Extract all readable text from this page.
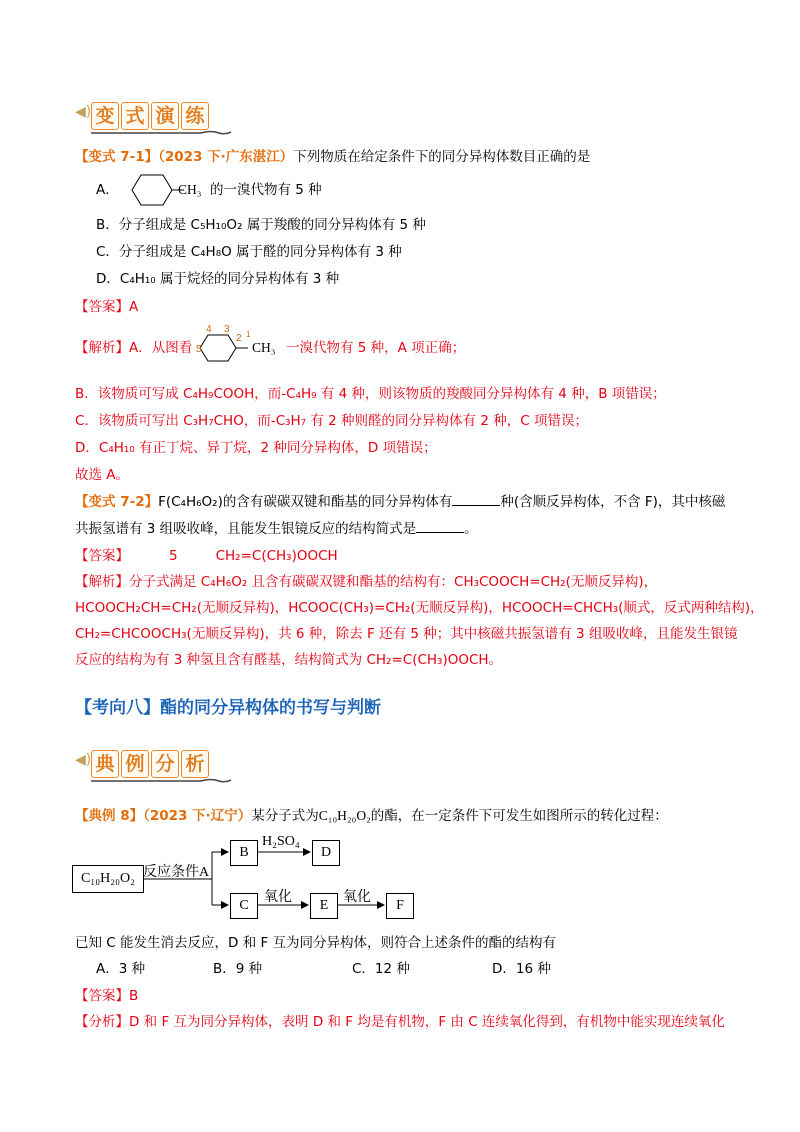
◀) 变 式 演 练
【变式 7-1】（2023 下·广东湛江）下列物质在给定条件下的同分异构体数目正确的是
A．	CH₃ 的一溴代物有 5 种
B．分子组成是 C₅H₁₀O₂ 属于羧酸的同分异构体有 5 种
C．分子组成是 C₄H₈O 属于醛的同分异构体有 3 种
D．C₄H₁₀ 属于烷烃的同分异构体有 3 种
【答案】A
【解析】A．从图看 5
4 3
2 1
CH₃ 一溴代物有 5 种，A 项正确；
B．该物质可写成 C₄H₉COOH，而-C₄H₉ 有 4 种，则该物质的羧酸同分异构体有 4 种，B 项错误；
C．该物质可写出 C₃H₇CHO，而-C₃H₇ 有 2 种则醛的同分异构体有 2 种，C 项错误；
D．C₄H₁₀ 有正丁烷、异丁烷，2 种同分异构体，D 项错误；
故选 A。
【变式 7-2】F(C₄H₆O₂)的含有碳碳双键和酯基的同分异构体有	种(含顺反异构体，不含 F)，其中核磁
共振氢谱有 3 组吸收峰，且能发生银镜反应的结构简式是	。
【答案】	5	CH₂=C(CH₃)OOCH
【解析】分子式满足 C₄H₆O₂ 且含有碳碳双键和酯基的结构有：CH₃COOCH=CH₂(无顺反异构)，
HCOOCH₂CH=CH₂(无顺反异构)，HCOOC(CH₃)=CH₂(无顺反异构)，HCOOCH=CHCH₃(顺式，反式两种结构)，
CH₂=CHCOOCH₃(无顺反异构)，共 6 种，除去 F 还有 5 种；其中核磁共振氢谱有 3 组吸收峰，且能发生银镜
反应的结构为有 3 种氢且含有醛基，结构简式为 CH₂=C(CH₃)OOCH。
【考向八】酯的同分异构体的书写与判断
◀) 典 例 分 析
【典例 8】（2023 下·辽宁）某分子式为C₁₀H₂₀O₂的酯，在一定条件下可发生如图所示的转化过程：
C₁₀H₂₀O₂ 反应条件A
B
H₂SO₄
D
C
氧化
E
氧化
F
已知 C 能发生消去反应，D 和 F 互为同分异构体，则符合上述条件的酯的结构有
A．3 种	B．9 种	C．12 种	D．16 种
【答案】B
【分析】D 和 F 互为同分异构体，表明 D 和 F 均是有机物，F 由 C 连续氧化得到，有机物中能实现连续氧化
